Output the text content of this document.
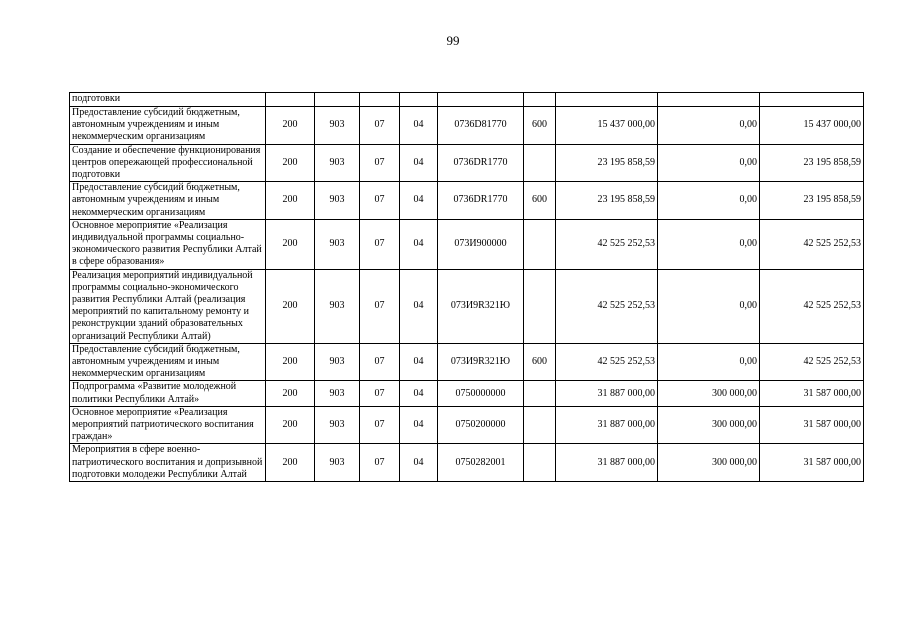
99
подготовки									
Предоставление субсидий бюджетным, автономным учреждениям и иным некоммерческим организациям	200	903	07	04	0736D81770	600	15 437 000,00	0,00	15 437 000,00
Создание и обеспечение функционирования центров опережающей профессиональной подготовки	200	903	07	04	0736DR1770		23 195 858,59	0,00	23 195 858,59
Предоставление субсидий бюджетным, автономным учреждениям и иным некоммерческим организациям	200	903	07	04	0736DR1770	600	23 195 858,59	0,00	23 195 858,59
Основное мероприятие «Реализация индивидуальной программы социально-экономического развития Республики Алтай в сфере образования»	200	903	07	04	073И900000		42 525 252,53	0,00	42 525 252,53
Реализация мероприятий индивидуальной программы социально-экономического развития Республики Алтай (реализация мероприятий по капитальному ремонту и реконструкции зданий образовательных организаций Республики Алтай)	200	903	07	04	073И9R321Ю		42 525 252,53	0,00	42 525 252,53
Предоставление субсидий бюджетным, автономным учреждениям и иным некоммерческим организациям	200	903	07	04	073И9R321Ю	600	42 525 252,53	0,00	42 525 252,53
Подпрограмма «Развитие молодежной политики Республики Алтай»	200	903	07	04	0750000000		31 887 000,00	300 000,00	31 587 000,00
Основное мероприятие «Реализация мероприятий патриотического воспитания граждан»	200	903	07	04	0750200000		31 887 000,00	300 000,00	31 587 000,00
Мероприятия в сфере военно-патриотического воспитания и допризывной подготовки молодежи Республики Алтай	200	903	07	04	0750282001		31 887 000,00	300 000,00	31 587 000,00
